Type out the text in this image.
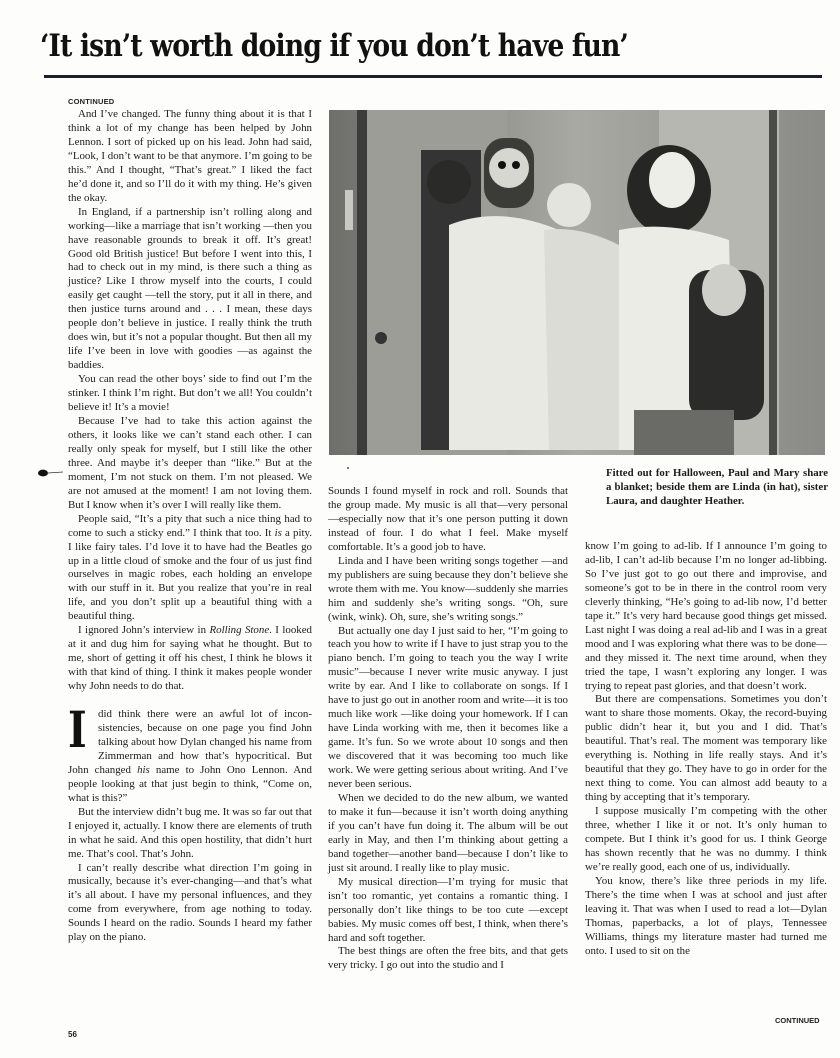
‘It isn’t worth doing if you don’t have fun’
CONTINUED

And I’ve changed. The funny thing about it is that I think a lot of my change has been helped by John Lennon. I sort of picked up on his lead. John had said, “Look, I don’t want to be that anymore. I’m going to be this.” And I thought, “That’s great.” I liked the fact he’d done it, and so I’ll do it with my thing. He’s given the okay.

In England, if a partnership isn’t rolling along and working—like a marriage that isn’t working —then you have reasonable grounds to break it off. It’s great! Good old British justice! But before I went into this, I had to check out in my mind, is there such a thing as justice? Like I throw myself into the courts, I could easily get caught —tell the story, put it all in there, and then justice turns around and . . . I mean, these days people don’t believe in justice. I really think the truth does win, but it’s not a popular thought. But then all my life I’ve been in love with goodies —as against the baddies.

You can read the other boys’ side to find out I’m the stinker. I think I’m right. But don’t we all! You couldn’t believe it! It’s a movie!

Because I’ve had to take this action against the others, it looks like we can’t stand each other. I can really only speak for myself, but I still like the other three. And maybe it’s deeper than “like.” But at the moment, I’m not stuck on them. I’m not pleased. We are not amused at the moment! I am not loving them. But I know when it’s over I will really like them.

People said, “It’s a pity that such a nice thing had to come to such a sticky end.” I think that too. It is a pity. I like fairy tales. I’d love it to have had the Beatles go up in a little cloud of smoke and the four of us just find ourselves in magic robes, each holding an envelope with our stuff in it. But you realize that you’re in real life, and you don’t split up a beautiful thing with a beautiful thing.

I ignored John’s interview in Rolling Stone. I looked at it and dug him for saying what he thought. But to me, short of getting it off his chest, I think he blows it with that kind of thing. I think it makes people wonder why John needs to do that.

I did think there were an awful lot of inconsistencies, because on one page you find John talking about how Dylan changed his name from Zimmerman and how that’s hypocritical. But John changed his name to John Ono Lennon. And people looking at that just begin to think, “Come on, what is this?”

But the interview didn’t bug me. It was so far out that I enjoyed it, actually. I know there are elements of truth in what he said. And this open hostility, that didn’t hurt me. That’s cool. That’s John.

I can’t really describe what direction I’m going in musically, because it’s ever-changing—and that’s what it’s all about. I have my personal influences, and they come from everywhere, from age nothing to today. Sounds I heard on the radio. Sounds I heard my father play on the piano.

Fitted out for Halloween, Paul and Mary share a blanket; beside them are Linda (in hat), sister Laura, and daughter Heather.

Sounds I found myself in rock and roll. Sounds that the group made. My music is all that—very personal—especially now that it’s one person putting it down instead of four. I do what I feel. Make myself comfortable. It’s a good job to have.

Linda and I have been writing songs together —and my publishers are suing because they don’t believe she wrote them with me. You know—suddenly she marries him and suddenly she’s writing songs. “Oh, sure (wink, wink). Oh, sure, she’s writing songs.”

But actually one day I just said to her, “I’m going to teach you how to write if I have to just strap you to the piano bench. I’m going to teach you the way I write music”—because I never write music anyway. I just write by ear. And I like to collaborate on songs. If I have to just go out in another room and write—it is too much like work —like doing your homework. If I can have Linda working with me, then it becomes like a game. It’s fun. So we wrote about 10 songs and then we discovered that it was becoming too much like work. We were getting serious about writing. And I’ve never been serious.

When we decided to do the new album, we wanted to make it fun—because it isn’t worth doing anything if you can’t have fun doing it. The album will be out early in May, and then I’m thinking about getting a band together—another band—because I don’t like to just sit around. I really like to play music.

My musical direction—I’m trying for music that isn’t too romantic, yet contains a romantic thing. I personally don’t like things to be too cute —except babies. My music comes off best, I think, when there’s hard and soft together.

The best things are often the free bits, and that gets very tricky. I go out into the studio and I

know I’m going to ad-lib. If I announce I’m going to ad-lib, I can’t ad-lib because I’m no longer ad-libbing. So I’ve just got to go out there and improvise, and someone’s got to be in there in the control room very cleverly thinking, “He’s going to ad-lib now, I’d better tape it.” It’s very hard because good things get missed. Last night I was doing a real ad-lib and I was in a great mood and I was exploring what there was to be done—and they missed it. The next time around, when they tried the tape, I wasn’t exploring any longer. I was trying to repeat past glories, and that doesn’t work.

But there are compensations. Sometimes you don’t want to share those moments. Okay, the record-buying public didn’t hear it, but you and I did. That’s beautiful. That’s real. The moment was temporary like everything is. Nothing in life really stays. And it’s beautiful that they go. They have to go in order for the next thing to come. You can almost add beauty to a thing by accepting that it’s temporary.

I suppose musically I’m competing with the other three, whether I like it or not. It’s only human to compete. But I think it’s good for us. I think George has shown recently that he was no dummy. I think we’re really good, each one of us, individually.

You know, there’s like three periods in my life. There’s the time when I was at school and just after leaving it. That was when I used to read a lot—Dylan Thomas, paperbacks, a lot of plays, Tennessee Williams, things my literature master had turned me onto. I used to sit on the

CONTINUED
56
